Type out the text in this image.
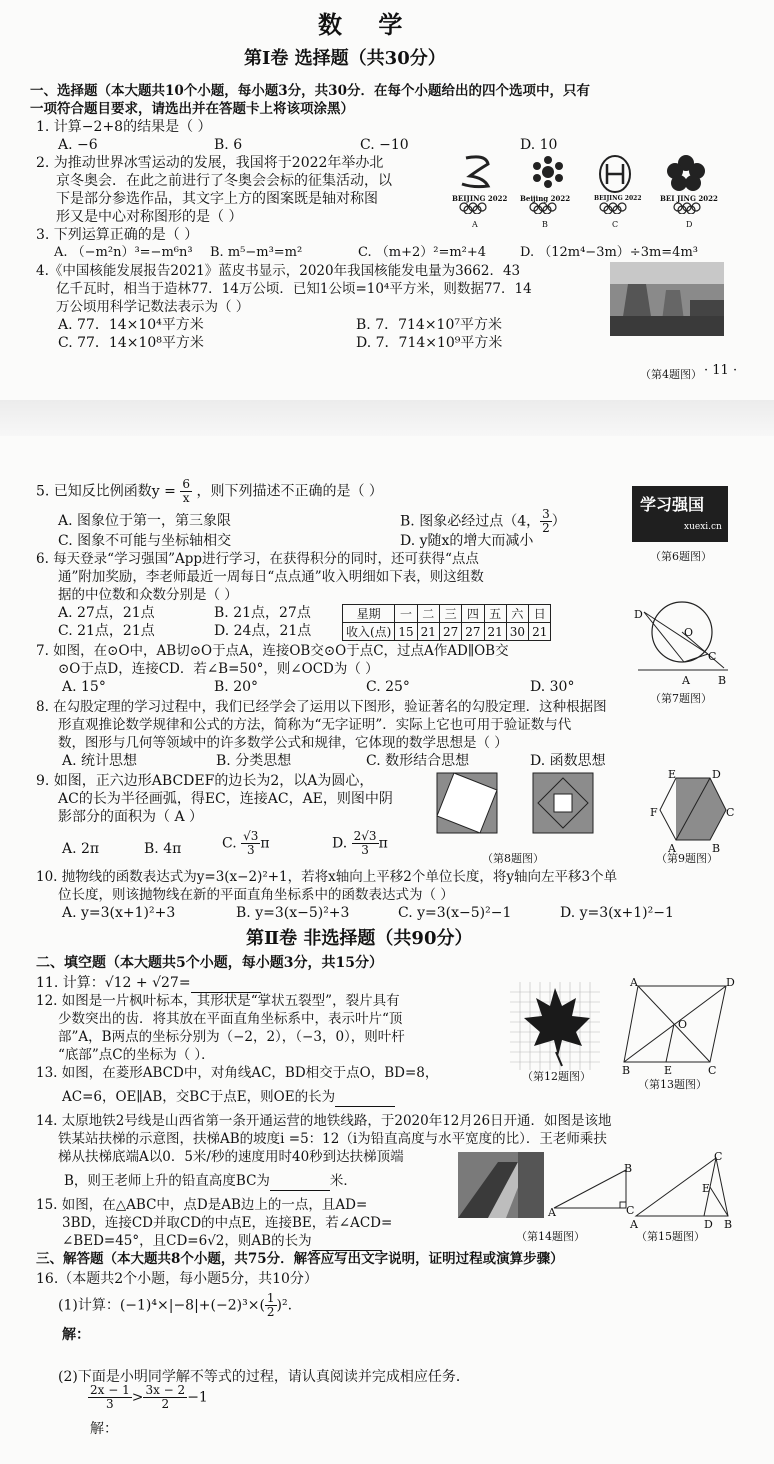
数 学
第Ⅰ卷 选择题（共30分）
一、选择题（本大题共10个小题，每小题3分，共30分．在每个小题给出的四个选项中，只有
一项符合题目要求，请选出并在答题卡上将该项涂黑）
1. 计算−2+8的结果是（ ）
A. −6	B. 6	C. −10	D. 10
2. 为推动世界冰雪运动的发展，我国将于2022年举办北
京冬奥会．在此之前进行了冬奥会会标的征集活动，以
下是部分参选作品，其文字上方的图案既是轴对称图
形又是中心对称图形的是（ ）
BEIJING 2022 Beijing 2022	BEIJING 2022	BEI JING 2022
A	B	C	D
3. 下列运算正确的是（ ）
A. （−m²n）³=−m⁶n³ B. m⁵−m³=m²	C. （m+2）²=m²+4	D. （12m⁴−3m）÷3m=4m³
4.《中国核能发展报告2021》蓝皮书显示，2020年我国核能发电量为3662．43
亿千瓦时，相当于造林77．14万公顷．已知1公顷=10⁴平方米，则数据77．14
万公顷用科学记数法表示为（ ）
A. 77．14×10⁴平方米	B. 7．714×10⁷平方米
C. 77．14×10⁸平方米	D. 7．714×10⁹平方米
（第4题图） · 11 ·
5. 已知反比例函数$y = \frac{6}{x}$ ，则下列描述不正确的是（ ）
A. 图象位于第一，第三象限	B. 图象必经过点（4， $\frac{3}{2}$ ）
C. 图象不可能与坐标轴相交	D. y随x的增大而减小
学习强国
xuexi.cn
（第6题图）
6. 每天登录“学习强国”App进行学习，在获得积分的同时，还可获得“点点
通”附加奖励，李老师最近一周每日“点点通”收入明细如下表，则这组数
据的中位数和众数分别是（ ）
A. 27点，21点	B. 21点，27点
C. 21点，21点	D. 24点，21点
星期	一	二	三	四	五	六	日
收入(点)	15	21	27	27	21	30	21
D
O
C
A	B
（第7题图）
7. 如图，在⊙O中，AB切⊙O于点A，连接OB交⊙O于点C，过点A作AD∥OB交
⊙O于点D，连接CD．若∠B=50°，则∠OCD为（ ）
A. 15°	B. 20°	C. 25°	D. 30°
8. 在勾股定理的学习过程中，我们已经学会了运用以下图形，验证著名的勾股定理．这种根据图
形直观推论数学规律和公式的方法，简称为“无字证明”．实际上它也可用于验证数与代
数，图形与几何等领域中的许多数学公式和规律，它体现的数学思想是（ ）
A. 统计思想	B. 分类思想	C. 数形结合思想	D. 函数思想
9. 如图，正六边形ABCDEF的边长为2，以A为圆心，
AC的长为半径画弧，得EC，连接AC，AE，则图中阴
影部分的面积为（ A ）
A. 2π	B. 4π	C. $\frac{√3}{3}$ π	D. $\frac{2√3}{3}$ π
（第8题图）
E	D
F	C
A	B
（第9题图）
10. 抛物线的函数表达式为y=3(x−2)²+1，若将x轴向上平移2个单位长度，将y轴向左平移3个单
位长度，则该抛物线在新的平面直角坐标系中的函数表达式为（ ）
A. y=3(x+1)²+3	B. y=3(x−5)²+3	C. y=3(x−5)²−1	D. y=3(x+1)²−1
第Ⅱ卷 非选择题（共90分）
二、填空题（本大题共5个小题，每小题3分，共15分）
11. 计算：√12 + √27=
12. 如图是一片枫叶标本，其形状是“掌状五裂型”，裂片具有
少数突出的齿．将其放在平面直角坐标系中，表示叶片“顶
部”A，B两点的坐标分别为（−2，2），（−3，0），则叶杆
“底部”点C的坐标为（ ）．
（第12题图）
13. 如图，在菱形ABCD中，对角线AC，BD相交于点O，BD=8，
AC=6，OE∥AB，交BC于点E，则OE的长为
A	D
O
B	E	C
（第13题图）
14. 太原地铁2号线是山西省第一条开通运营的地铁线路，于2020年12月26日开通．如图是该地
铁某站扶梯的示意图，扶梯AB的坡度i =5：12（i为铅直高度与水平宽度的比）．王老师乘扶
梯从扶梯底端A以0．5米/秒的速度用时40秒到达扶梯顶端
B，则王老师上升的铅直高度BC为	米．
B
A	C
（第14题图）
15. 如图，在△ABC中，点D是AB边上的一点，且AD=
3BD，连接CD并取CD的中点E，连接BE，若∠ACD=
∠BED=45°，且CD=6√2，则AB的长为
C
E
A	D B
（第15题图）
三、解答题（本大题共8个小题，共75分．解答应写出文字说明，证明过程或演算步骤）
16.（本题共2个小题，每小题5分，共10分）
(1)计算：$(-1)^4\times|-8|+(-2)^3\times( \frac{1}{2} )^2$.
解：
(2)下面是小明同学解不等式的过程，请认真阅读并完成相应任务．
$\frac{2x - 1}{3} > \frac{3x - 2}{2} -1$
解：
